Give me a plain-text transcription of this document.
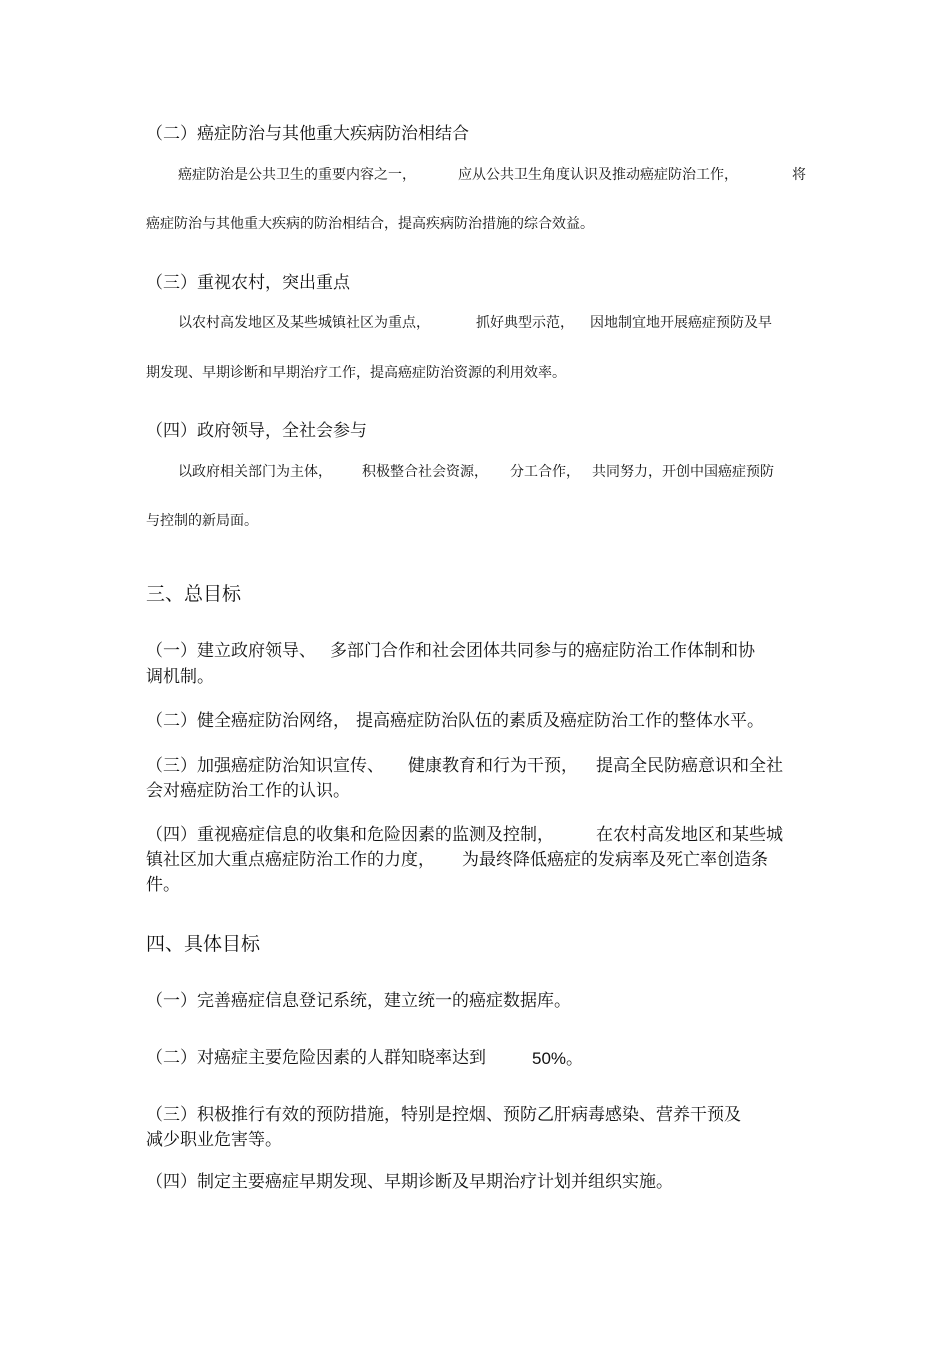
（二）癌症防治与其他重大疾病防治相结合
癌症防治是公共卫生的重要内容之一，	应从公共卫生角度认识及推动癌症防治工作，	将
癌症防治与其他重大疾病的防治相结合，提高疾病防治措施的综合效益。
（三）重视农村，突出重点
以农村高发地区及某些城镇社区为重点，	抓好典型示范， 因地制宜地开展癌症预防及早
期发现、早期诊断和早期治疗工作，提高癌症防治资源的利用效率。
（四）政府领导，全社会参与
以政府相关部门为主体， 积极整合社会资源， 分工合作， 共同努力，开创中国癌症预防
与控制的新局面。
三、总目标
（一）建立政府领导、 多部门合作和社会团体共同参与的癌症防治工作体制和协
调机制。
（二）健全癌症防治网络， 提高癌症防治队伍的素质及癌症防治工作的整体水平。
（三）加强癌症防治知识宣传、 健康教育和行为干预， 提高全民防癌意识和全社
会对癌症防治工作的认识。
（四）重视癌症信息的收集和危险因素的监测及控制， 在农村高发地区和某些城
镇社区加大重点癌症防治工作的力度， 为最终降低癌症的发病率及死亡率创造条
件。
四、具体目标
（一）完善癌症信息登记系统，建立统一的癌症数据库。
（二）对癌症主要危险因素的人群知晓率达到	50%。
（三）积极推行有效的预防措施，特别是控烟、预防乙肝病毒感染、营养干预及
减少职业危害等。
（四）制定主要癌症早期发现、早期诊断及早期治疗计划并组织实施。
